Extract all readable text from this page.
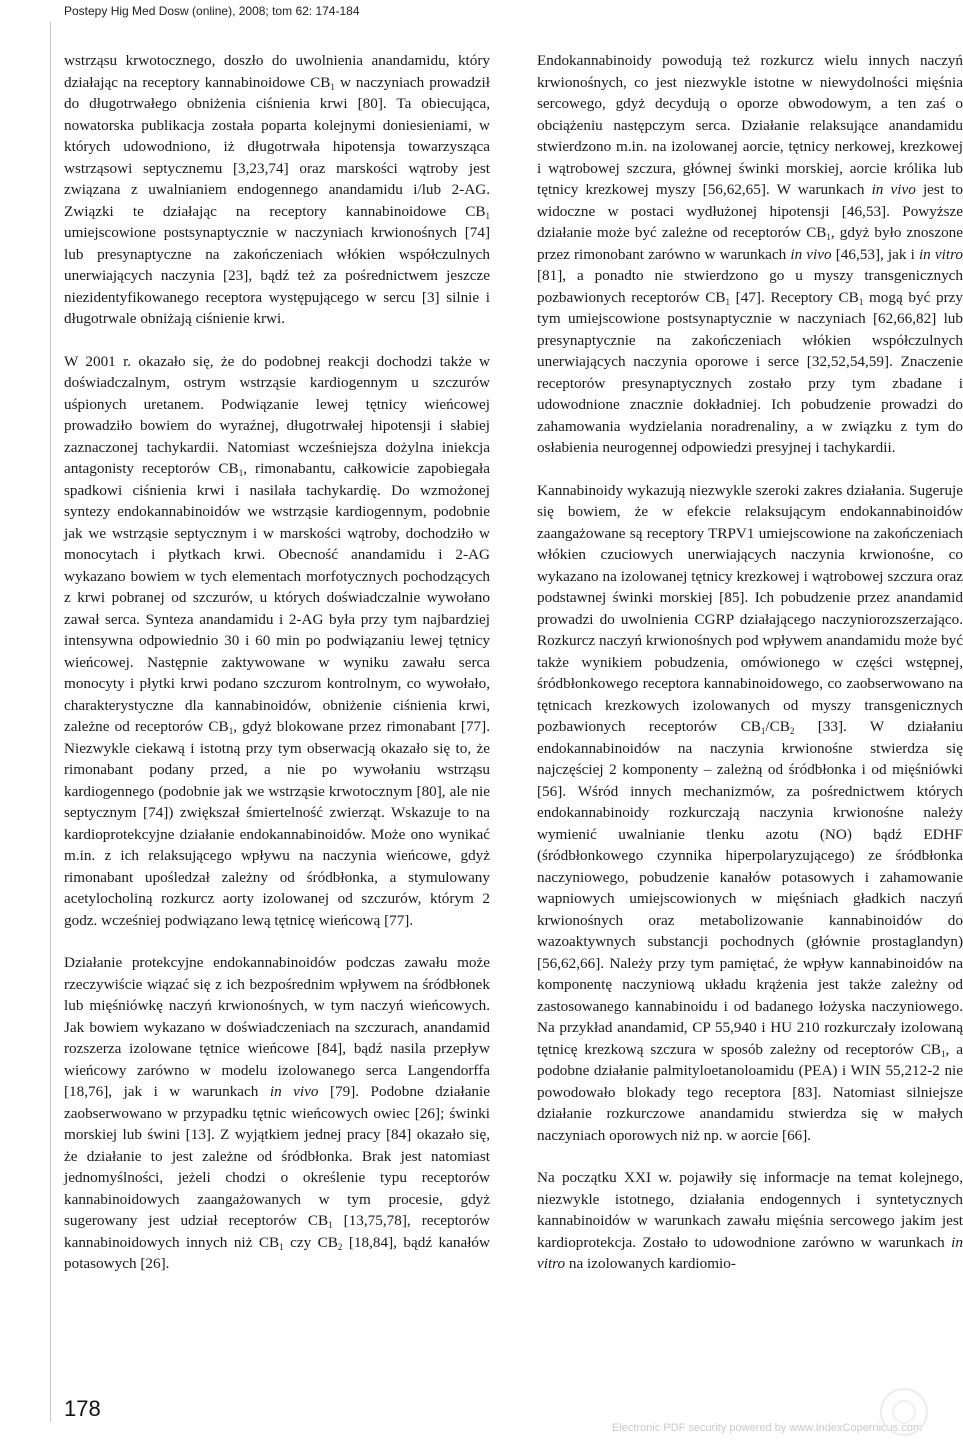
Postepy Hig Med Dosw (online), 2008; tom 62: 174-184

wstrząsu krwotocznego, doszło do uwolnienia anandamidu, który działając na receptory kannabinoidowe $CB_1$ w naczyniach prowadził do długotrwałego obniżenia ciśnienia krwi [80]. Ta obiecująca, nowatorska publikacja została poparta kolejnymi doniesieniami, w których udowodniono, iż długotrwała hipotensja towarzysząca wstrząsowi septycznemu [3,23,74] oraz marskości wątroby jest związana z uwalnianiem endogennego anandamidu i/lub 2-AG. Związki te działając na receptory kannabinoidowe $CB_1$ umiejscowione postsynaptycznie w naczyniach krwionośnych [74] lub presynaptyczne na zakończeniach włókien współczulnych unerwiających naczynia [23], bądź też za pośrednictwem jeszcze niezidentyfikowanego receptora występującego w sercu [3] silnie i długotrwale obniżają ciśnienie krwi.

W 2001 r. okazało się, że do podobnej reakcji dochodzi także w doświadczalnym, ostrym wstrząsie kardiogennym u szczurów uśpionych uretanem. Podwiązanie lewej tętnicy wieńcowej prowadziło bowiem do wyraźnej, długotrwałej hipotensji i słabiej zaznaczonej tachykardii. Natomiast wcześniejsza dożylna iniekcja antagonisty receptorów $CB_1$, rimonabantu, całkowicie zapobiegała spadkowi ciśnienia krwi i nasilała tachykardię. Do wzmożonej syntezy endokannabinoidów we wstrząsie kardiogennym, podobnie jak we wstrząsie septycznym i w marskości wątroby, dochodziło w monocytach i płytkach krwi. Obecność anandamidu i 2-AG wykazano bowiem w tych elementach morfotycznych pochodzących z krwi pobranej od szczurów, u których doświadczalnie wywołano zawał serca. Synteza anandamidu i 2-AG była przy tym najbardziej intensywna odpowiednio 30 i 60 min po podwiązaniu lewej tętnicy wieńcowej. Następnie zaktywowane w wyniku zawału serca monocyty i płytki krwi podano szczurom kontrolnym, co wywołało, charakterystyczne dla kannabinoidów, obniżenie ciśnienia krwi, zależne od receptorów $CB_1$, gdyż blokowane przez rimonabant [77]. Niezwykle ciekawą i istotną przy tym obserwacją okazało się to, że rimonabant podany przed, a nie po wywołaniu wstrząsu kardiogennego (podobnie jak we wstrząsie krwotocznym [80], ale nie septycznym [74]) zwiększał śmiertelność zwierząt. Wskazuje to na kardioprotekcyjne działanie endokannabinoidów. Może ono wynikać m.in. z ich relaksującego wpływu na naczynia wieńcowe, gdyż rimonabant upośledzał zależny od śródbłonka, a stymulowany acetylocholiną rozkurcz aorty izolowanej od szczurów, którym 2 godz. wcześniej podwiązano lewą tętnicę wieńcową [77].

Działanie protekcyjne endokannabinoidów podczas zawału może rzeczywiście wiązać się z ich bezpośrednim wpływem na śródbłonek lub mięśniówkę naczyń krwionośnych, w tym naczyń wieńcowych. Jak bowiem wykazano w doświadczeniach na szczurach, anandamid rozszerza izolowane tętnice wieńcowe [84], bądź nasila przepływ wieńcowy zarówno w modelu izolowanego serca Langendorffa [18,76], jak i w warunkach in vivo [79]. Podobne działanie zaobserwowano w przypadku tętnic wieńcowych owiec [26]; świnki morskiej lub świni [13]. Z wyjątkiem jednej pracy [84] okazało się, że działanie to jest zależne od śródbłonka. Brak jest natomiast jednomyślności, jeżeli chodzi o określenie typu receptorów kannabinoidowych zaangażowanych w tym procesie, gdyż sugerowany jest udział receptorów $CB_1$ [13,75,78], receptorów kannabinoidowych innych niż $CB_1$ czy $CB_2$ [18,84], bądź kanałów potasowych [26].

Endokannabinoidy powodują też rozkurcz wielu innych naczyń krwionośnych, co jest niezwykle istotne w niewydolności mięśnia sercowego, gdyż decydują o oporze obwodowym, a ten zaś o obciążeniu następczym serca. Działanie relaksujące anandamidu stwierdzono m.in. na izolowanej aorcie, tętnicy nerkowej, krezkowej i wątrobowej szczura, głównej świnki morskiej, aorcie królika lub tętnicy krezkowej myszy [56,62,65]. W warunkach in vivo jest to widoczne w postaci wydłużonej hipotensji [46,53]. Powyższe działanie może być zależne od receptorów $CB_1$, gdyż było znoszone przez rimonobant zarówno w warunkach in vivo [46,53], jak i in vitro [81], a ponadto nie stwierdzono go u myszy transgenicznych pozbawionych receptorów $CB_1$ [47]. Receptory $CB_1$ mogą być przy tym umiejscowione postsynaptycznie w naczyniach [62,66,82] lub presynaptycznie na zakończeniach włókien współczulnych unerwiających naczynia oporowe i serce [32,52,54,59]. Znaczenie receptorów presynaptycznych zostało przy tym zbadane i udowodnione znacznie dokładniej. Ich pobudzenie prowadzi do zahamowania wydzielania noradrenaliny, a w związku z tym do osłabienia neurogennej odpowiedzi presyjnej i tachykardii.

Kannabinoidy wykazują niezwykle szeroki zakres działania. Sugeruje się bowiem, że w efekcie relaksującym endokannabinoidów zaangażowane są receptory TRPV1 umiejscowione na zakończeniach włókien czuciowych unerwiających naczynia krwionośne, co wykazano na izolowanej tętnicy krezkowej i wątrobowej szczura oraz podstawnej świnki morskiej [85]. Ich pobudzenie przez anandamid prowadzi do uwolnienia CGRP działającego naczyniorozszerzająco. Rozkurcz naczyń krwionośnych pod wpływem anandamidu może być także wynikiem pobudzenia, omówionego w części wstępnej, śródbłonkowego receptora kannabinoidowego, co zaobserwowano na tętnicach krezkowych izolowanych od myszy transgenicznych pozbawionych receptorów $CB_1/CB_2$ [33]. W działaniu endokannabinoidów na naczynia krwionośne stwierdza się najczęściej 2 komponenty – zależną od śródbłonka i od mięśniówki [56]. Wśród innych mechanizmów, za pośrednictwem których endokannabinoidy rozkurczają naczynia krwionośne należy wymienić uwalnianie tlenku azotu (NO) bądź EDHF (śródbłonkowego czynnika hiperpolaryzującego) ze śródbłonka naczyniowego, pobudzenie kanałów potasowych i zahamowanie wapniowych umiejscowionych w mięśniach gładkich naczyń krwionośnych oraz metabolizowanie kannabinoidów do wazoaktywnych substancji pochodnych (głównie prostaglandyn) [56,62,66]. Należy przy tym pamiętać, że wpływ kannabinoidów na komponentę naczyniową układu krążenia jest także zależny od zastosowanego kannabinoidu i od badanego łożyska naczyniowego. Na przykład anandamid, CP 55,940 i HU 210 rozkurczały izolowaną tętnicę krezkową szczura w sposób zależny od receptorów $CB_1$, a podobne działanie palmityloetanoloamidu (PEA) i WIN 55,212-2 nie powodowało blokady tego receptora [83]. Natomiast silniejsze działanie rozkurczowe anandamidu stwierdza się w małych naczyniach oporowych niż np. w aorcie [66].

Na początku XXI w. pojawiły się informacje na temat kolejnego, niezwykle istotnego, działania endogennych i syntetycznych kannabinoidów w warunkach zawału mięśnia sercowego jakim jest kardioprotekcja. Zostało to udowodnione zarówno w warunkach in vitro na izolowanych kardiomio-

178
Electronic PDF security powered by www.IndexCopernicus.com
